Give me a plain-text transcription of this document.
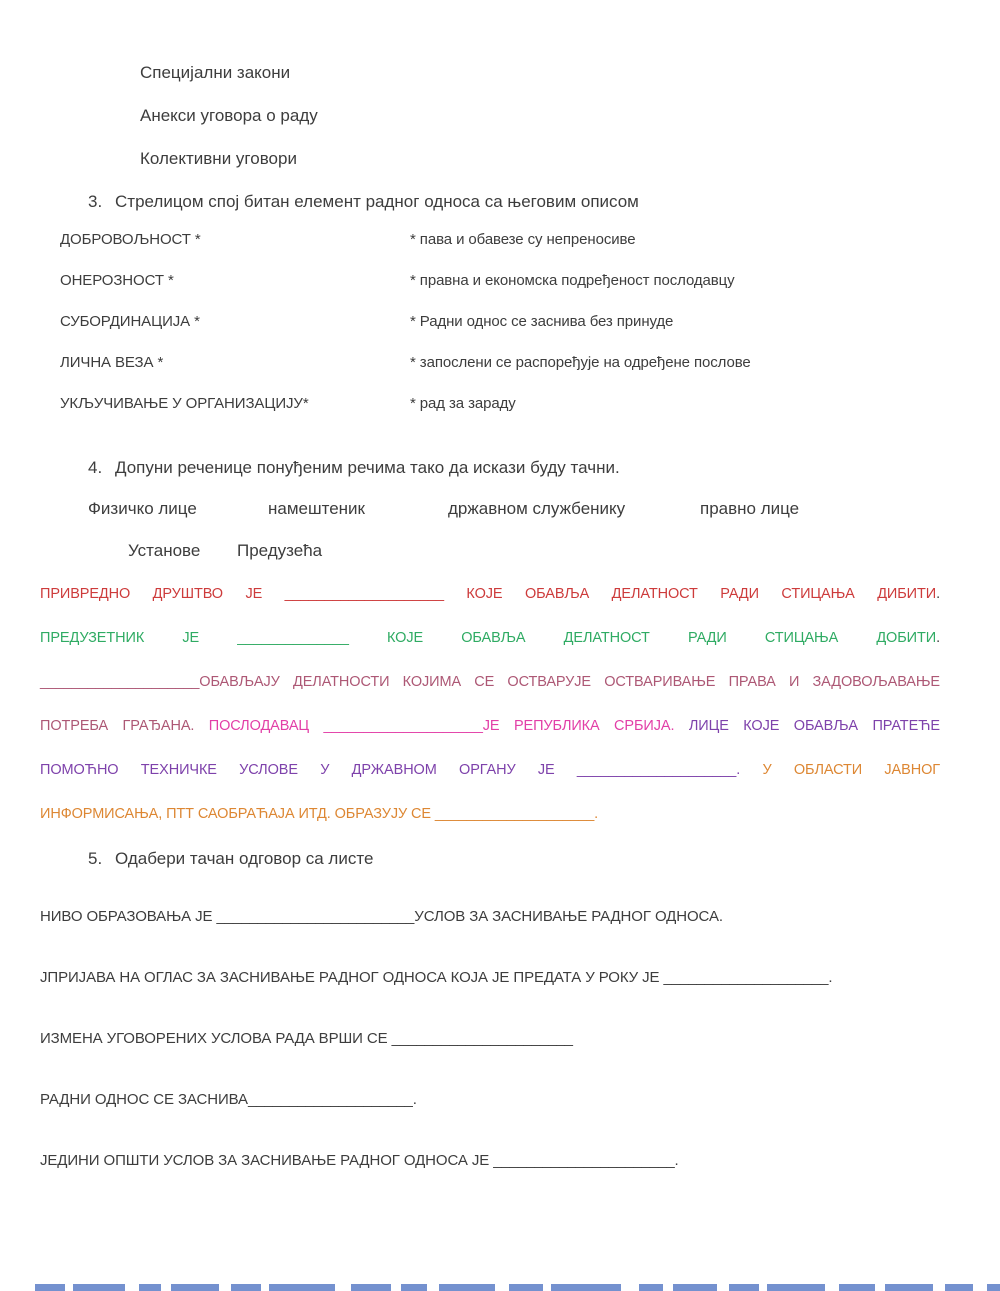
Специјални закони
Анекси уговора о раду
Колективни уговори
3. Стрелицом спој битан елемент радног односа са његовим описом
ДОБРОВОЉНОСТ *	* пава и обавезе су непреносиве
ОНЕРОЗНОСТ *	* правна и економска подређеност послодавцу
СУБОРДИНАЦИЈА *	* Радни однос се заснива без принуде
ЛИЧНА ВЕЗА *	* запослени се распоређује на одређене послове
УКЉУЧИВАЊЕ У ОРГАНИЗАЦИЈУ*	* рад за зараду
4. Допуни реченице понуђеним речима тако да искази буду тачни.
Физичко лице	намештеник	државном службенику	правно лице
Установе Предузећа
ПРИВРЕДНО ДРУШТВО ЈЕ ____________________ КОЈЕ ОБАВЉА ДЕЛАТНОСТ РАДИ СТИЦАЊА ДИБИТИ.
ПРЕДУЗЕТНИК ЈЕ ______________ КОЈЕ ОБАВЉА ДЕЛАТНОСТ РАДИ СТИЦАЊА ДОБИТИ.
____________________ОБАВЉАЈУ ДЕЛАТНОСТИ КОЈИМА СЕ ОСТВАРУЈЕ ОСТВАРИВАЊЕ ПРАВА И ЗАДОВОЉАВАЊЕ
ПОТРЕБА ГРАЂАНА. ПОСЛОДАВАЦ ____________________ЈЕ РЕПУБЛИКА СРБИЈА. ЛИЦЕ КОЈЕ ОБАВЉА ПРАТЕЋЕ
ПОМОЋНО ТЕХНИЧКЕ УСЛОВЕ У ДРЖАВНОМ ОРГАНУ ЈЕ ____________________. У ОБЛАСТИ ЈАВНОГ
ИНФОРМИСАЊА, ПТТ САОБРАЋАЈА ИТД. ОБРАЗУЈУ СЕ ____________________.
5. Одабери тачан одговор са листе
НИВО ОБРАЗОВАЊА ЈЕ ________________________УСЛОВ ЗА ЗАСНИВАЊЕ РАДНОГ ОДНОСА.
ЈПРИЈАВА НА ОГЛАС ЗА ЗАСНИВАЊЕ РАДНОГ ОДНОСА КОЈА ЈЕ ПРЕДАТА У РОКУ ЈЕ ____________________.
ИЗМЕНА УГОВОРЕНИХ УСЛОВА РАДА ВРШИ СЕ ______________________
РАДНИ ОДНОС СЕ ЗАСНИВА____________________.
ЈЕДИНИ ОПШТИ УСЛОВ ЗА ЗАСНИВАЊЕ РАДНОГ ОДНОСА ЈЕ ______________________.
